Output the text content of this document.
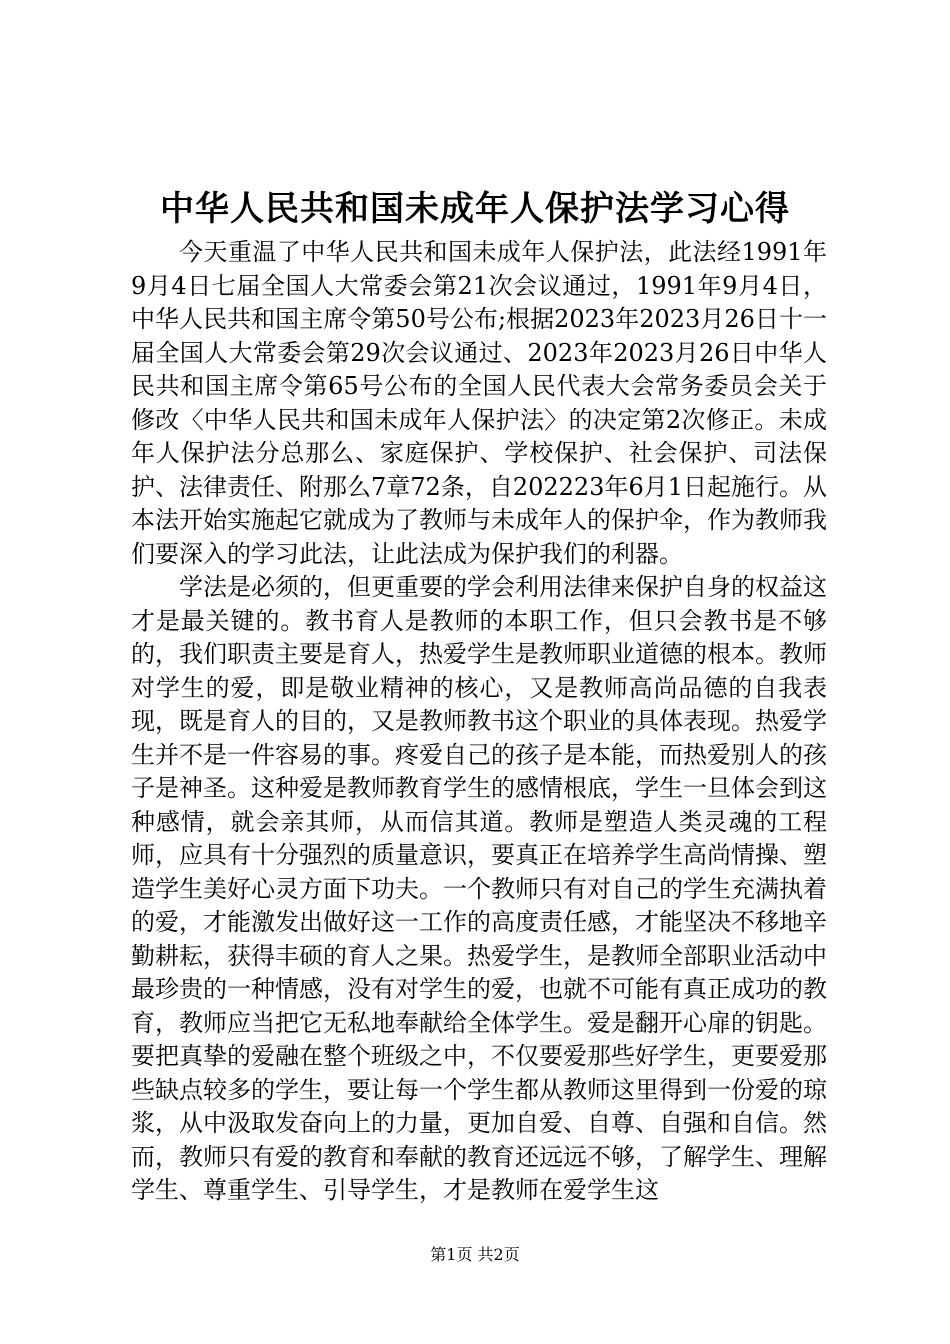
中华人民共和国未成年人保护法学习心得

今天重温了中华人民共和国未成年人保护法，此法经1991年9月4日七届全国人大常委会第21次会议通过，1991年9月4日，中华人民共和国主席令第50号公布;根据2023年2023月26日十一届全国人大常委会第29次会议通过、2023年2023月26日中华人民共和国主席令第65号公布的全国人民代表大会常务委员会关于修改〈中华人民共和国未成年人保护法〉的决定第2次修正。未成年人保护法分总那么、家庭保护、学校保护、社会保护、司法保护、法律责任、附那么7章72条，自202223年6月1日起施行。从本法开始实施起它就成为了教师与未成年人的保护伞，作为教师我们要深入的学习此法，让此法成为保护我们的利器。

学法是必须的，但更重要的学会利用法律来保护自身的权益这才是最关键的。教书育人是教师的本职工作，但只会教书是不够的，我们职责主要是育人，热爱学生是教师职业道德的根本。教师对学生的爱，即是敬业精神的核心，又是教师高尚品德的自我表现，既是育人的目的，又是教师教书这个职业的具体表现。热爱学生并不是一件容易的事。疼爱自己的孩子是本能，而热爱别人的孩子是神圣。这种爱是教师教育学生的感情根底，学生一旦体会到这种感情，就会亲其师，从而信其道。教师是塑造人类灵魂的工程师，应具有十分强烈的质量意识，要真正在培养学生高尚情操、塑造学生美好心灵方面下功夫。一个教师只有对自己的学生充满执着的爱，才能激发出做好这一工作的高度责任感，才能坚决不移地辛勤耕耘，获得丰硕的育人之果。热爱学生，是教师全部职业活动中最珍贵的一种情感，没有对学生的爱，也就不可能有真正成功的教育，教师应当把它无私地奉献给全体学生。爱是翻开心扉的钥匙。要把真挚的爱融在整个班级之中，不仅要爱那些好学生，更要爱那些缺点较多的学生，要让每一个学生都从教师这里得到一份爱的琼浆，从中汲取发奋向上的力量，更加自爱、自尊、自强和自信。然而，教师只有爱的教育和奉献的教育还远远不够，了解学生、理解学生、尊重学生、引导学生，才是教师在爱学生这

第1页 共2页
